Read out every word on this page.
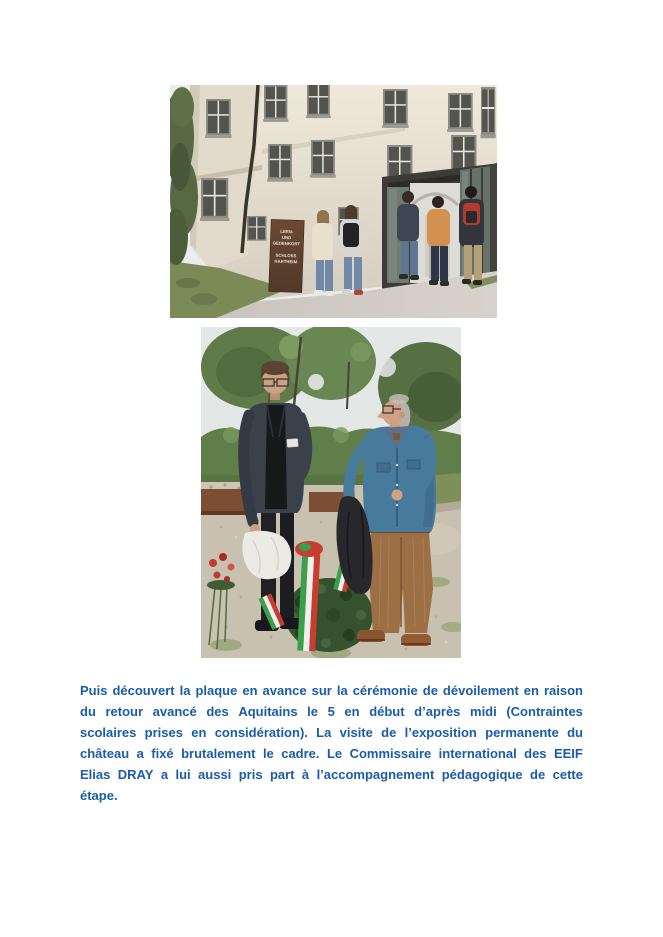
LERN-
UND
GEDENKORT
SCHLOSS
HARTHEIM
Puis découvert la plaque en avance sur la cérémonie de dévoilement en raison
du retour avancé des Aquitains le 5 en début d’après midi (Contraintes
scolaires prises en considération). La visite de l’exposition permanente du
château a fixé brutalement le cadre. Le Commissaire international des EEIF
Elias DRAY a lui aussi pris part à l’accompagnement pédagogique de cette
étape.
